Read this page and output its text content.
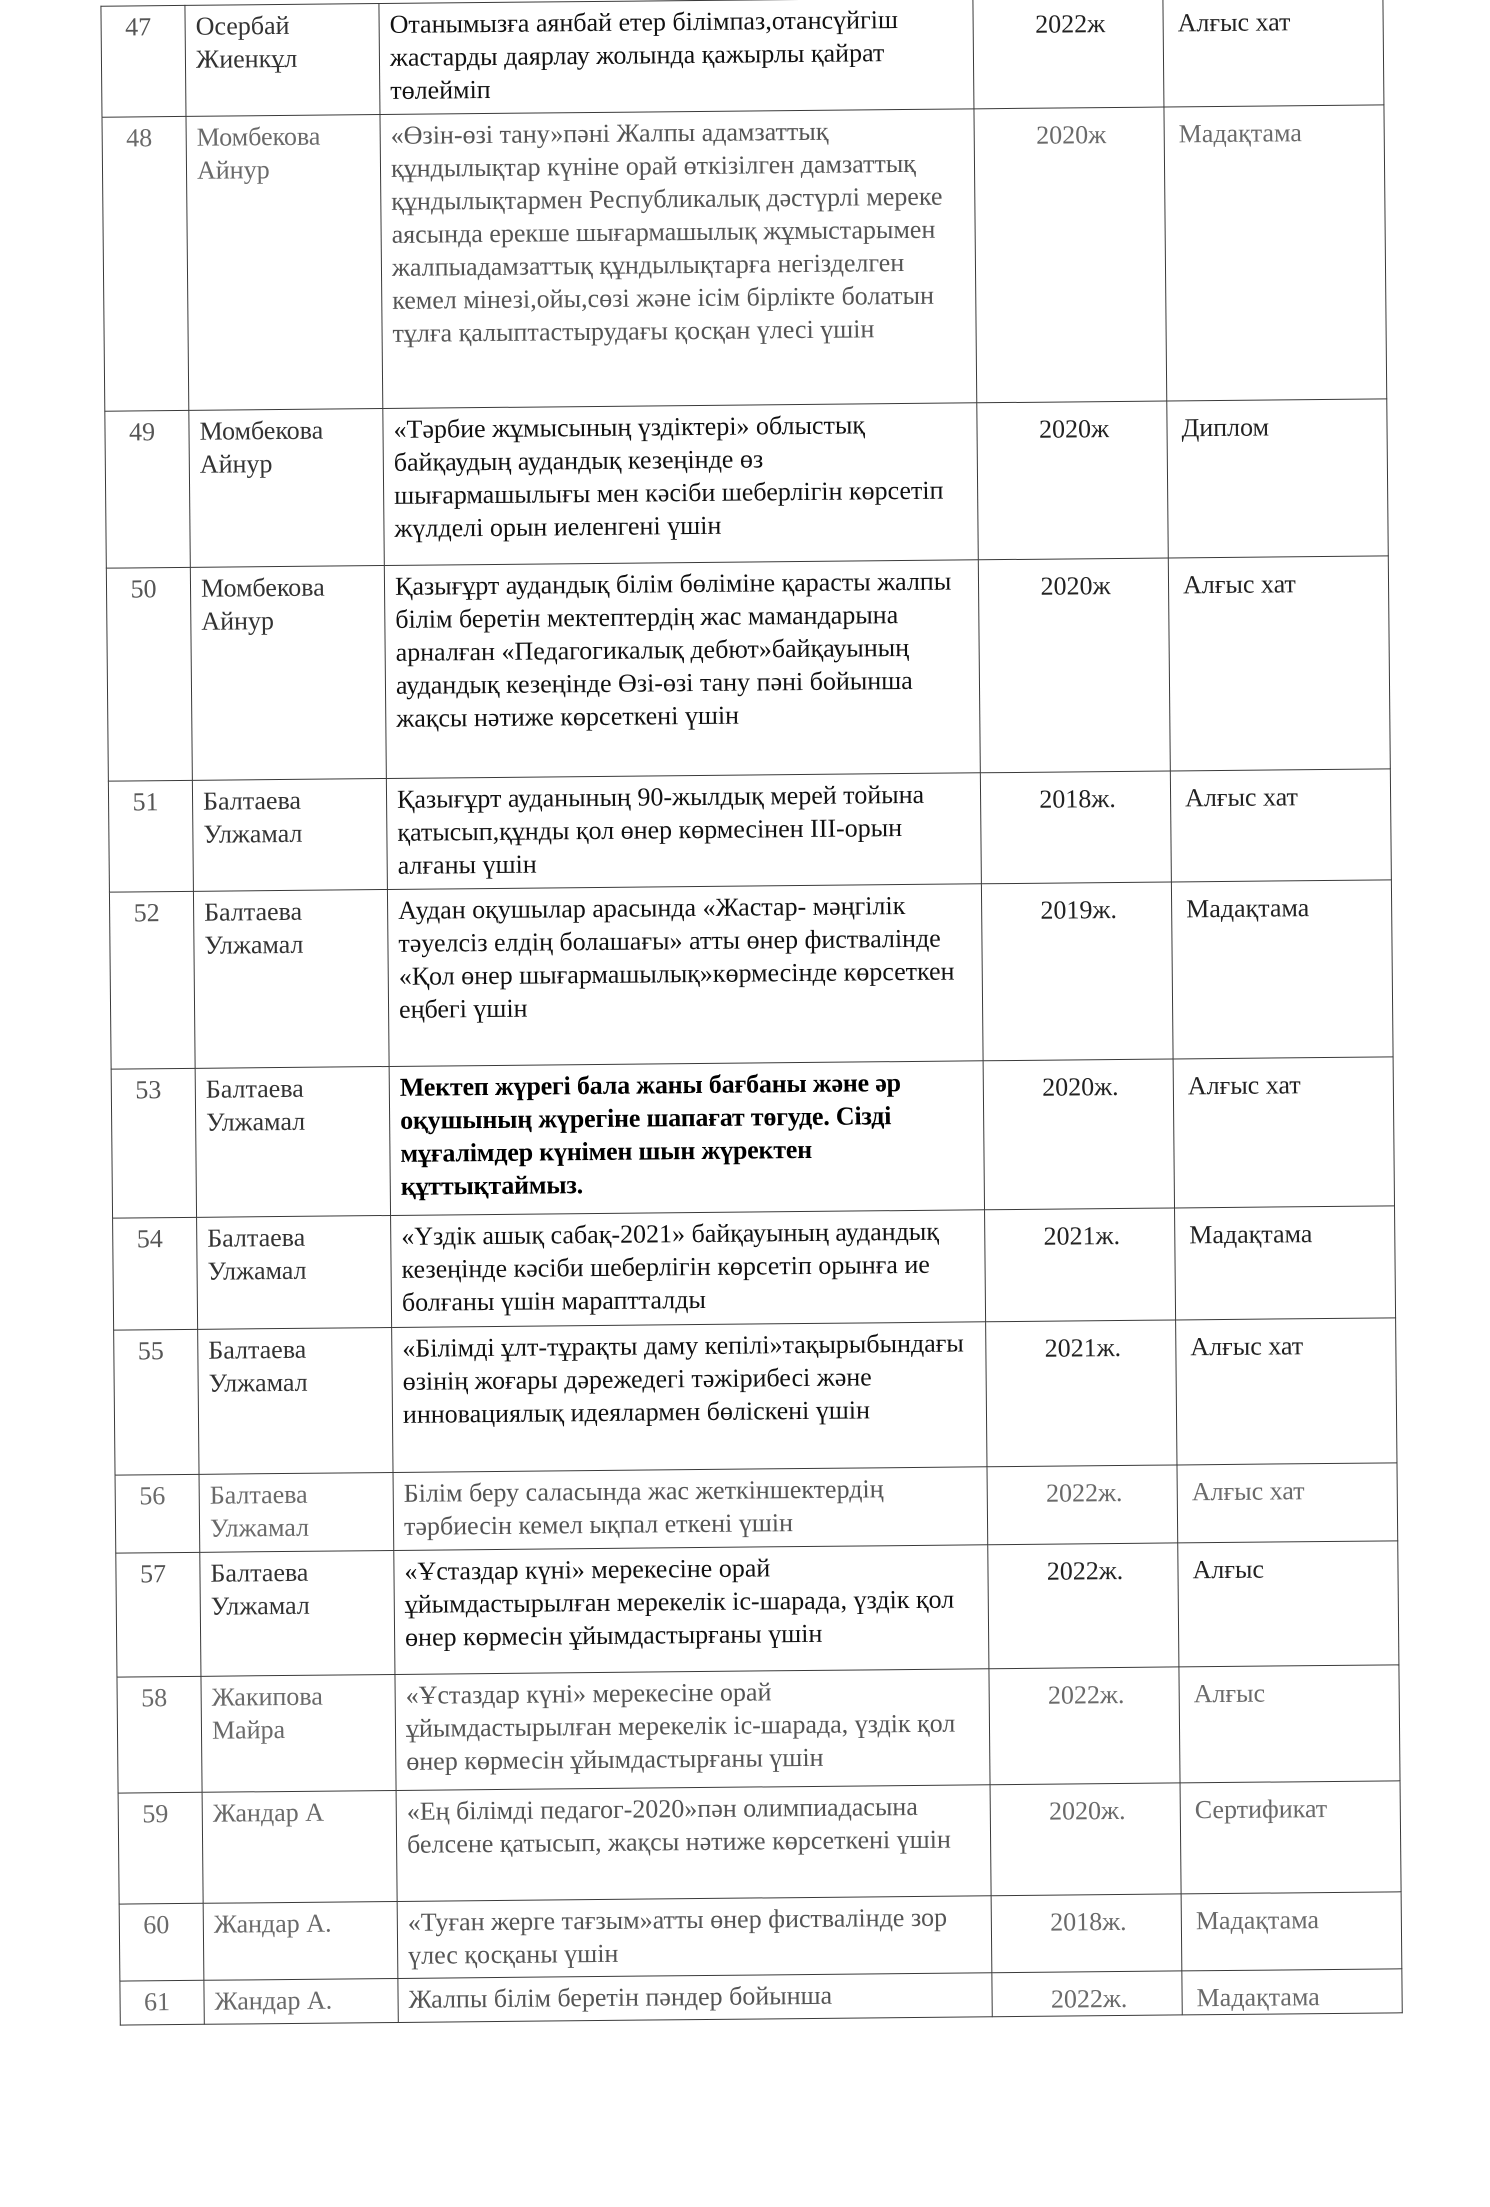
47	Осербай Жиенкұл	Отанымызға аянбай етер білімпаз,отансүйгіш жастарды даярлау жолында қажырлы қайрат төлейміп	2022ж	Алғыс хат
48	Момбекова Айнур	«Өзін-өзі тану»пәні Жалпы адамзаттық құндылықтар күніне орай өткізілген дамзаттық құндылықтармен Республикалық дәстүрлі мереке аясында ерекше шығармашылық жұмыстарымен жалпыадамзаттық құндылықтарға негізделген кемел мінезі,ойы,сөзі және ісім бірлікте болатын тұлға қалыптастырудағы қосқан үлесі үшін	2020ж	Мадақтама
49	Момбекова Айнур	«Тәрбие жұмысының үздіктері» облыстық байқаудың аудандық кезеңінде өз шығармашылығы мен кәсіби шеберлігін көрсетіп жүлделі орын иеленгені үшін	2020ж	Диплом
50	Момбекова Айнур	Қазығұрт аудандық білім бөліміне қарасты жалпы білім беретін мектептердің жас мамандарына арналған «Педагогикалық дебют»байқауының аудандық кезеңінде Өзі-өзі тану пәні бойынша жақсы нәтиже көрсеткені үшін	2020ж	Алғыс хат
51	Балтаева Улжамал	Қазығұрт ауданының 90-жылдық мерей тойына қатысып,құнды қол өнер көрмесінен ІІІ-орын алғаны үшін	2018ж.	Алғыс хат
52	Балтаева Улжамал	Аудан оқушылар арасында «Жастар- мәңгілік тәуелсіз елдің болашағы» атты өнер фиствалінде «Қол өнер шығармашылық»көрмесінде көрсеткен еңбегі үшін	2019ж.	Мадақтама
53	Балтаева Улжамал	Мектеп жүрегі бала жаны бағбаны және әр оқушының жүрегіне шапағат төгуде. Сізді мұғалімдер күнімен шын жүректен құттықтаймыз.	2020ж.	Алғыс хат
54	Балтаева Улжамал	«Үздік ашық сабақ-2021» байқауының аудандық кезеңінде кәсіби шеберлігін көрсетіп орынға ие болғаны үшін мараптталды	2021ж.	Мадақтама
55	Балтаева Улжамал	«Білімді ұлт-тұрақты даму кепілі»тақырыбындағы өзінің жоғары дәрежедегі тәжірибесі және инновациялық идеялармен бөліскені үшін	2021ж.	Алғыс хат
56	Балтаева Улжамал	Білім беру саласында жас жеткіншектердің тәрбиесін кемел ықпал еткені үшін	2022ж.	Алғыс хат
57	Балтаева Улжамал	«Ұстаздар күні» мерекесіне орай ұйымдастырылған мерекелік іс-шарада, үздік қол өнер көрмесін ұйымдастырғаны үшін	2022ж.	Алғыс
58	Жакипова Майра	«Ұстаздар күні» мерекесіне орай ұйымдастырылған мерекелік іс-шарада, үздік қол өнер көрмесін ұйымдастырғаны үшін	2022ж.	Алғыс
59	Жандар А	«Ең білімді педагог-2020»пән олимпиадасына белсене қатысып, жақсы нәтиже көрсеткені үшін	2020ж.	Сертификат
60	Жандар А.	«Туған жерге тағзым»атты өнер фиствалінде зор үлес қосқаны үшін	2018ж.	Мадақтама
61	Жандар А.	Жалпы білім беретін пәндер бойынша	2022ж.	Мадақтама
